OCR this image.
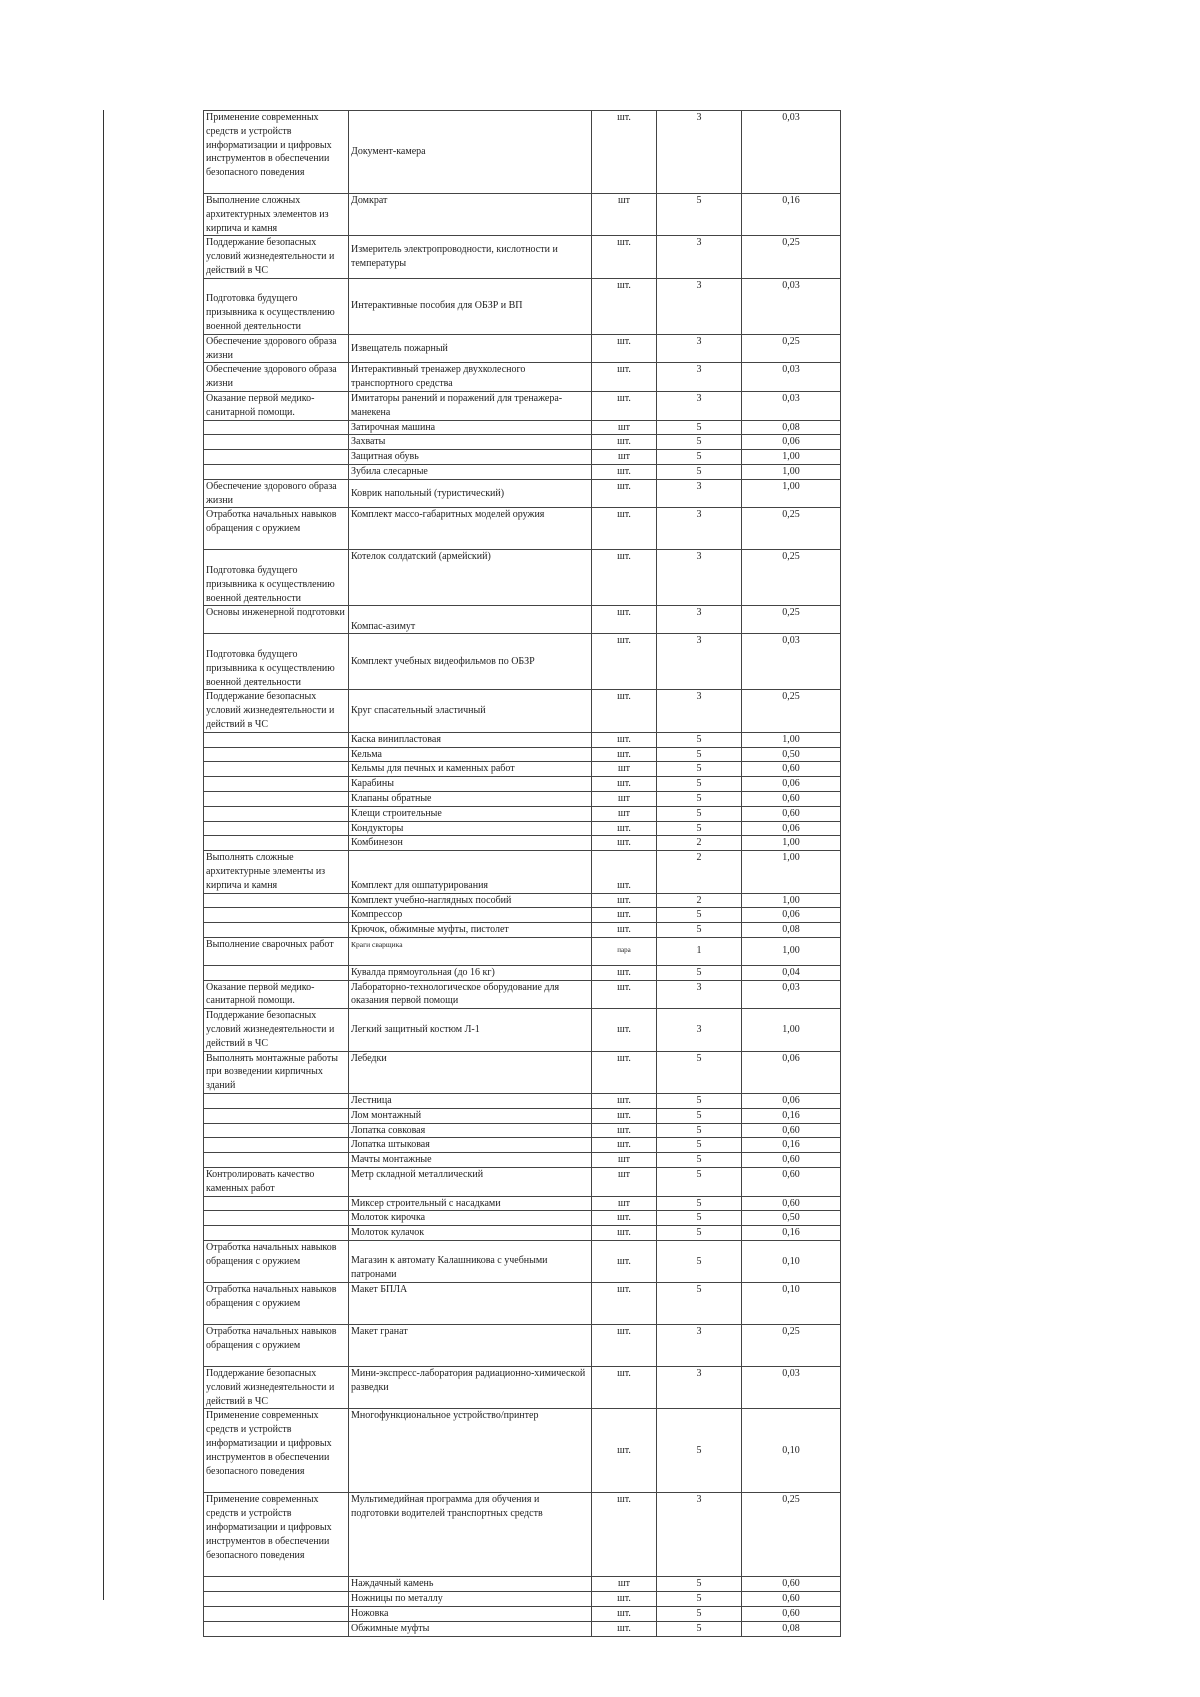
Применение современных средств и устройств информатизации и цифровых инструментов в обеспечении безопасного поведения	Документ-камера	шт.	3	0,03
Выполнение сложных архитектурных элементов из кирпича и камня	Домкрат	шт	5	0,16
Поддержание безопасных условий жизнедеятельности и действий в ЧС	Измеритель электропроводности, кислотности и температуры	шт.	3	0,25
Подготовка будущего призывника к осуществлению военной деятельности	Интерактивные пособия для ОБЗР и ВП	шт.	3	0,03
Обеспечение здорового образа жизни	Извещатель пожарный	шт.	3	0,25
Обеспечение здорового образа жизни	Интерактивный тренажер двухколесного транспортного средства	шт.	3	0,03
Оказание первой медико-санитарной помощи.	Имитаторы ранений и поражений для тренажера-манекена	шт.	3	0,03
	Затирочная машина	шт	5	0,08
	Захваты	шт.	5	0,06
	Защитная обувь	шт	5	1,00
	Зубила слесарные	шт.	5	1,00
Обеспечение здорового образа жизни	Коврик напольный (туристический)	шт.	3	1,00
Отработка начальных навыков обращения с оружием	Комплект массо-габаритных моделей оружия	шт.	3	0,25
Подготовка будущего призывника к осуществлению военной деятельности	Котелок солдатский (армейский)	шт.	3	0,25
Основы инженерной подготовки	Компас-азимут	шт.	3	0,25
Подготовка будущего призывника к осуществлению военной деятельности	Комплект учебных видеофильмов по ОБЗР	шт.	3	0,03
Поддержание безопасных условий жизнедеятельности и действий в ЧС	Круг спасательный эластичный	шт.	3	0,25
	Каска винипластовая	шт.	5	1,00
	Кельма	шт.	5	0,50
	Кельмы для печных и каменных работ	шт	5	0,60
	Карабины	шт.	5	0,06
	Клапаны обратные	шт	5	0,60
	Клещи строительные	шт	5	0,60
	Кондукторы	шт.	5	0,06
	Комбинезон	шт.	2	1,00
Выполнять сложные архитектурные элементы из кирпича и камня	Комплект для ошпатурирования	шт.	2	1,00
	Комплект учебно-наглядных пособий	шт.	2	1,00
	Компрессор	шт.	5	0,06
	Крючок, обжимные муфты, пистолет	шт.	5	0,08
Выполнение сварочных работ	Краги сварщика	пара	1	1,00
	Кувалда прямоугольная (до 16 кг)	шт.	5	0,04
Оказание первой медико-санитарной помощи.	Лабораторно-технологическое оборудование для оказания первой помощи	шт.	3	0,03
Поддержание безопасных условий жизнедеятельности и действий в ЧС	Легкий защитный костюм Л-1	шт.	3	1,00
Выполнять монтажные работы при возведении кирпичных зданий	Лебедки	шт.	5	0,06
	Лестница	шт.	5	0,06
	Лом монтажный	шт.	5	0,16
	Лопатка совковая	шт.	5	0,60
	Лопатка штыковая	шт.	5	0,16
	Мачты монтажные	шт	5	0,60
Контролировать качество каменных работ	Метр складной металлический	шт	5	0,60
	Миксер строительный с насадками	шт	5	0,60
	Молоток кирочка	шт.	5	0,50
	Молоток кулачок	шт.	5	0,16
Отработка начальных навыков обращения с оружием	Магазин к автомату Калашникова с учебными патронами	шт.	5	0,10
Отработка начальных навыков обращения с оружием	Макет БПЛА	шт.	5	0,10
Отработка начальных навыков обращения с оружием	Макет гранат	шт.	3	0,25
Поддержание безопасных условий жизнедеятельности и действий в ЧС	Мини-экспресс-лаборатория радиационно-химической разведки	шт.	3	0,03
Применение современных средств и устройств информатизации и цифровых инструментов в обеспечении безопасного поведения	Многофункциональное устройство/принтер	шт.	5	0,10
Применение современных средств и устройств информатизации и цифровых инструментов в обеспечении безопасного поведения	Мультимедийная программа для обучения и подготовки водителей транспортных средств	шт.	3	0,25
	Наждачный камень	шт	5	0,60
	Ножницы по металлу	шт.	5	0,60
	Ножовка	шт.	5	0,60
	Обжимные муфты	шт.	5	0,08
